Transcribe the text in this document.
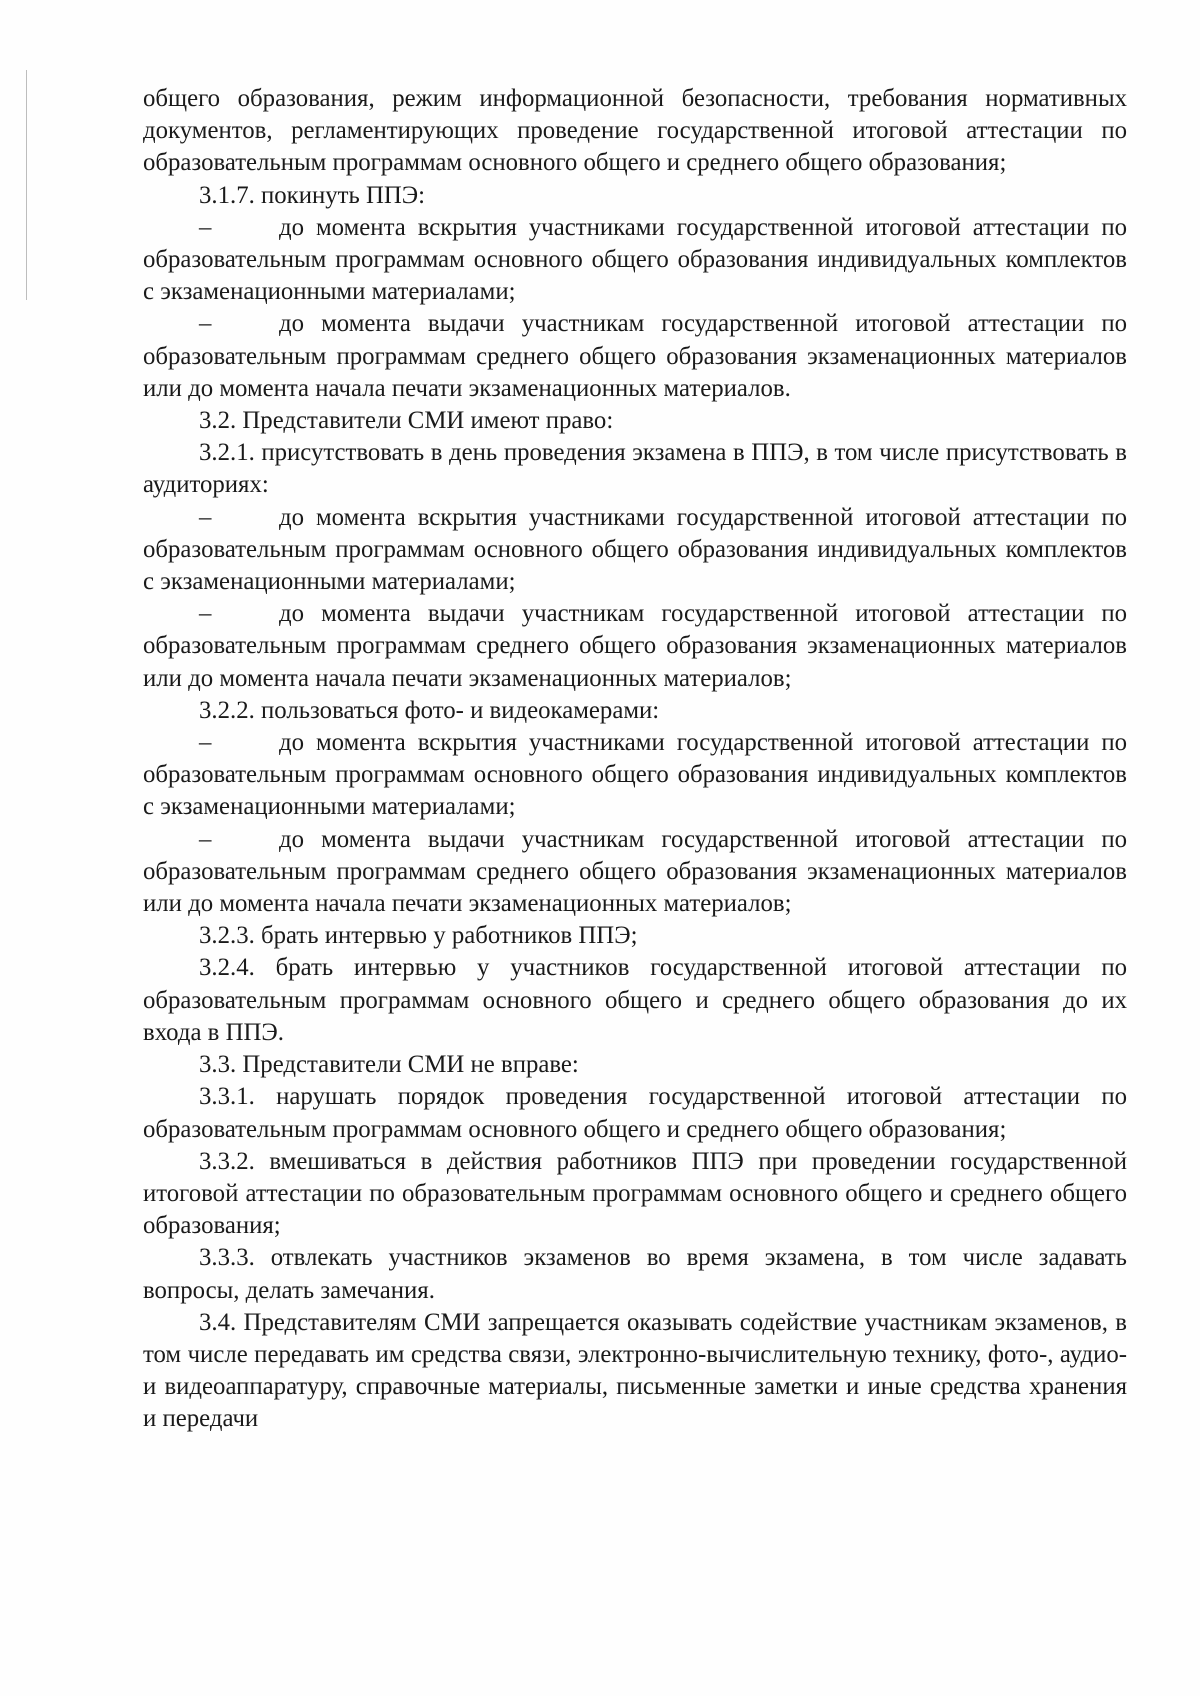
общего образования, режим информационной безопасности, требования нормативных документов, регламентирующих проведение государственной итоговой аттестации по образовательным программам основного общего и среднего общего образования;

3.1.7. покинуть ППЭ:

–	до момента вскрытия участниками государственной итоговой аттестации по образовательным программам основного общего образования индивидуальных комплектов с экзаменационными материалами;

–	до момента выдачи участникам государственной итоговой аттестации по образовательным программам среднего общего образования экзаменационных материалов или до момента начала печати экзаменационных материалов.

3.2. Представители СМИ имеют право:

3.2.1. присутствовать в день проведения экзамена в ППЭ, в том числе присутствовать в аудиториях:

–	до момента вскрытия участниками государственной итоговой аттестации по образовательным программам основного общего образования индивидуальных комплектов с экзаменационными материалами;

–	до момента выдачи участникам государственной итоговой аттестации по образовательным программам среднего общего образования экзаменационных материалов или до момента начала печати экзаменационных материалов;

3.2.2. пользоваться фото- и видеокамерами:

–	до момента вскрытия участниками государственной итоговой аттестации по образовательным программам основного общего образования индивидуальных комплектов с экзаменационными материалами;

–	до момента выдачи участникам государственной итоговой аттестации по образовательным программам среднего общего образования экзаменационных материалов или до момента начала печати экзаменационных материалов;

3.2.3. брать интервью у работников ППЭ;

3.2.4. брать интервью у участников государственной итоговой аттестации по образовательным программам основного общего и среднего общего образования до их входа в ППЭ.

3.3. Представители СМИ не вправе:

3.3.1. нарушать порядок проведения государственной итоговой аттестации по образовательным программам основного общего и среднего общего образования;

3.3.2. вмешиваться в действия работников ППЭ при проведении государственной итоговой аттестации по образовательным программам основного общего и среднего общего образования;

3.3.3. отвлекать участников экзаменов во время экзамена, в том числе задавать вопросы, делать замечания.

3.4. Представителям СМИ запрещается оказывать содействие участникам экзаменов, в том числе передавать им средства связи, электронно-вычислительную технику, фото-, аудио- и видеоаппаратуру, справочные материалы, письменные заметки и иные средства хранения и передачи
